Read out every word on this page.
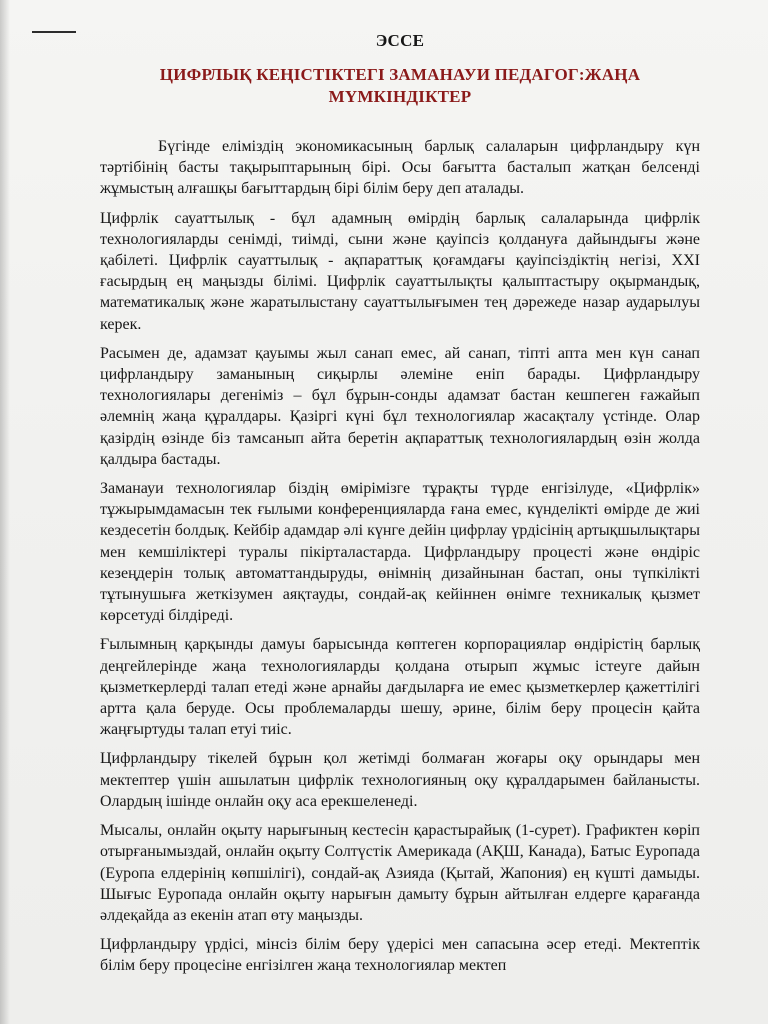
ЭССЕ
ЦИФРЛЫҚ КЕҢІСТІКТЕГІ ЗАМАНАУИ ПЕДАГОГ:ЖАҢА МҮМКІНДІКТЕР

Бүгінде еліміздің экономикасының барлық салаларын цифрландыру күн тәртібінің басты тақырыптарының бірі. Осы бағытта басталып жатқан белсенді жұмыстың алғашқы бағыттардың бірі білім беру деп аталады.

Цифрлік сауаттылық - бұл адамның өмірдің барлық салаларында цифрлік технологияларды сенімді, тиімді, сыни және қауіпсіз қолдануға дайындығы және қабілеті. Цифрлік сауаттылық - ақпараттық қоғамдағы қауіпсіздіктің негізі, XXI ғасырдың ең маңызды білімі. Цифрлік сауаттылықты қалыптастыру оқырмандық, математикалық және жаратылыстану сауаттылығымен тең дәрежеде назар аударылуы керек.

Расымен де, адамзат қауымы жыл санап емес, ай санап, тіпті апта мен күн санап цифрландыру заманының сиқырлы әлеміне еніп барады. Цифрландыру технологиялары дегеніміз – бұл бұрын-сонды адамзат бастан кешпеген ғажайып әлемнің жаңа құралдары. Қазіргі күні бұл технологиялар жасақталу үстінде. Олар қазірдің өзінде біз тамсанып айта беретін ақпараттық технологиялардың өзін жолда қалдыра бастады.

Заманауи технологиялар біздің өмірімізге тұрақты түрде енгізілуде, «Цифрлік» тұжырымдамасын тек ғылыми конференцияларда ғана емес, күнделікті өмірде де жиі кездесетін болдық. Кейбір адамдар әлі күнге дейін цифрлау үрдісінің артықшылықтары мен кемшіліктері туралы пікірталастарда. Цифрландыру процесті және өндіріс кезеңдерін толық автоматтандыруды, өнімнің дизайнынан бастап, оны түпкілікті тұтынушыға жеткізумен аяқтауды, сондай-ақ кейіннен өнімге техникалық қызмет көрсетуді білдіреді.

Ғылымның қарқынды дамуы барысында көптеген корпорациялар өндірістің барлық деңгейлерінде жаңа технологияларды қолдана отырып жұмыс істеуге дайын қызметкерлерді талап етеді және арнайы дағдыларға ие емес қызметкерлер қажеттілігі артта қала беруде. Осы проблемаларды шешу, әрине, білім беру процесін қайта жаңғыртуды талап етуі тиіс.

Цифрландыру тікелей бұрын қол жетімді болмаған жоғары оқу орындары мен мектептер үшін ашылатын цифрлік технологияның оқу құралдарымен байланысты. Олардың ішінде онлайн оқу аса ерекшеленеді.

Мысалы, онлайн оқыту нарығының кестесін қарастырайық (1-сурет). Графиктен көріп отырғанымыздай, онлайн оқыту Солтүстік Америкада (АҚШ, Канада), Батыс Еуропада (Еуропа елдерінің көпшілігі), сондай-ақ Азияда (Қытай, Жапония) ең күшті дамыды. Шығыс Еуропада онлайн оқыту нарығын дамыту бұрын айтылған елдерге қарағанда әлдеқайда аз екенін атап өту маңызды.

Цифрландыру үрдісі, мінсіз білім беру үдерісі мен сапасына әсер етеді. Мектептік білім беру процесіне енгізілген жаңа технологиялар мектеп
